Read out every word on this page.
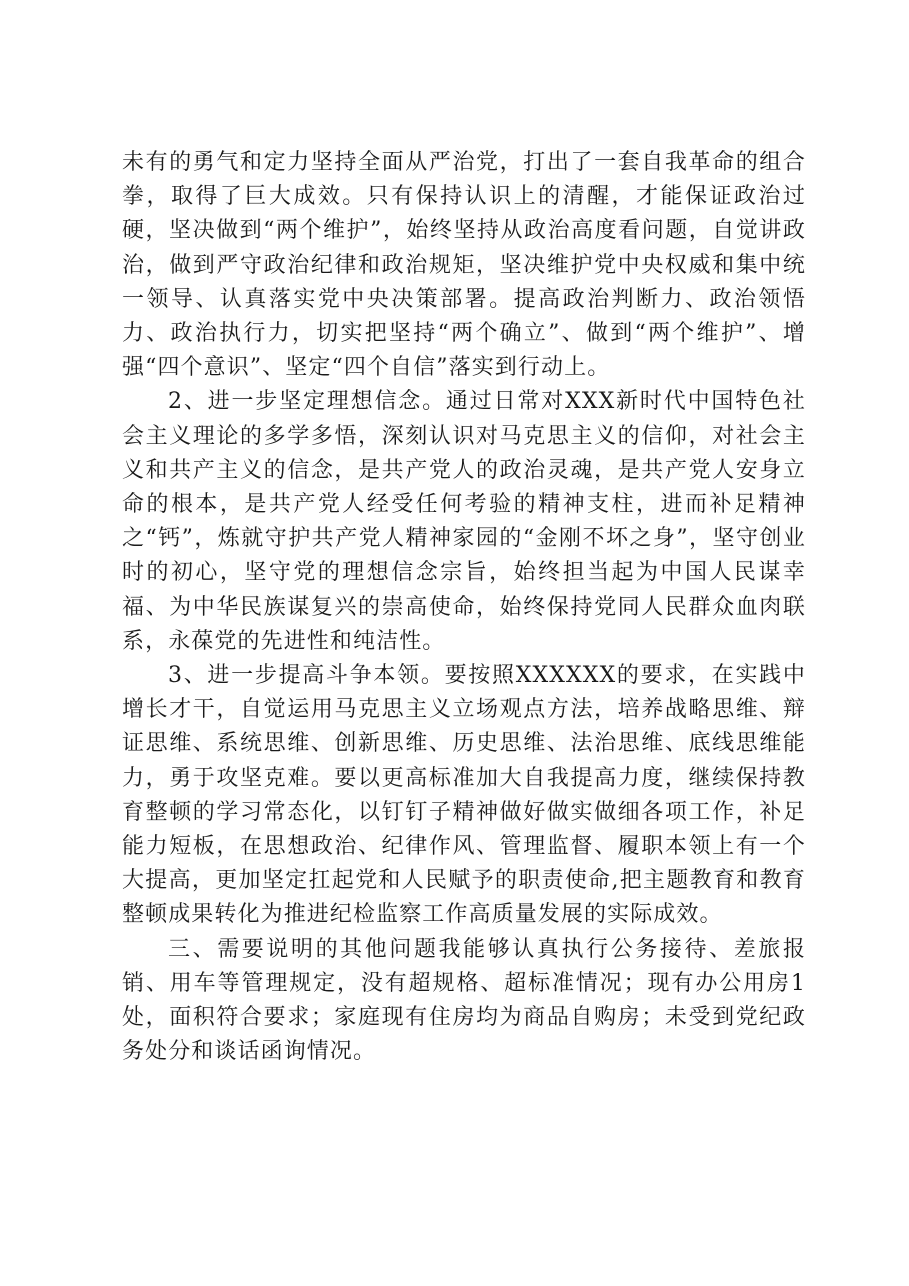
未有的勇气和定力坚持全面从严治党，打出了一套自我革命的组合拳，取得了巨大成效。只有保持认识上的清醒，才能保证政治过硬，坚决做到“两个维护”，始终坚持从政治高度看问题，自觉讲政治，做到严守政治纪律和政治规矩，坚决维护党中央权威和集中统一领导、认真落实党中央决策部署。提高政治判断力、政治领悟力、政治执行力，切实把坚持“两个确立”、做到“两个维护”、增强“四个意识”、坚定“四个自信”落实到行动上。

2、进一步坚定理想信念。通过日常对XXX新时代中国特色社会主义理论的多学多悟，深刻认识对马克思主义的信仰，对社会主义和共产主义的信念，是共产党人的政治灵魂，是共产党人安身立命的根本，是共产党人经受任何考验的精神支柱，进而补足精神之“钙”，炼就守护共产党人精神家园的“金刚不坏之身”，坚守创业时的初心，坚守党的理想信念宗旨，始终担当起为中国人民谋幸福、为中华民族谋复兴的崇高使命，始终保持党同人民群众血肉联系，永葆党的先进性和纯洁性。

3、进一步提高斗争本领。要按照XXXXXX的要求，在实践中增长才干，自觉运用马克思主义立场观点方法，培养战略思维、辩证思维、系统思维、创新思维、历史思维、法治思维、底线思维能力，勇于攻坚克难。要以更高标准加大自我提高力度，继续保持教育整顿的学习常态化，以钉钉子精神做好做实做细各项工作，补足能力短板，在思想政治、纪律作风、管理监督、履职本领上有一个大提高，更加坚定扛起党和人民赋予的职责使命,把主题教育和教育整顿成果转化为推进纪检监察工作高质量发展的实际成效。

三、需要说明的其他问题我能够认真执行公务接待、差旅报销、用车等管理规定，没有超规格、超标准情况；现有办公用房1处，面积符合要求；家庭现有住房均为商品自购房；未受到党纪政务处分和谈话函询情况。
